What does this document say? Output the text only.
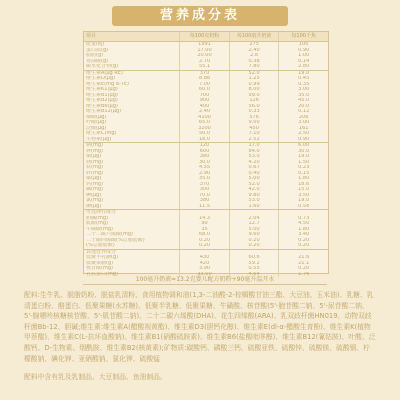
营养成分表
项目	每100克奶粉	每100毫升奶液	每100千焦
能量(kJ)	1991	275	100
蛋白质(g)	17.00	2.40	0.90
脂肪(g)	20.00	2.8	1.00
亚油酸(g)	2.70	0.38	0.14
碳水化合物(g)	55.1	7.80	2.80
维生素A(μg RE)	370	52.0	19.0
维生素D(μg)	8.88	1.25	0.45
维生素E(mg α-TE)	7.00	0.99	0.35
维生素K1(μg)	60.0	8.00	3.00
维生素B1(μg)	700	99.0	35.0
维生素B2(μg)	900	126	45.0
维生素B6(μg)	400	56.0	20.0
维生素B12(μg)	2.40	0.33	0.12
烟酸(μg)	4100	576	206
叶酸(μg)	65.0	9.00	3.00
泛酸(μg)	3200	450	161
维生素C(mg)	50.0	7.10	2.50
生物素(μg)	18.0	2.52	0.90
钠(mg)	120	17.0	6.00
钾(mg)	600	84.0	30.0
铜(μg)	380	53.0	19.0
镁(mg)	30.0	4.20	1.50
铁(mg)	4.55	0.67	0.23
锌(mg)	2.90	0.40	0.15
锰(μg)	35.0	5.00	1.80
钙(mg)	370	52.0	18.6
磷(mg)	300	42.0	15.0
碘(μg)	70.0	9.80	3.50
氯(mg)	380	53.0	19.0
硒(μg)	11.5	1.60	0.58
可选择性成分
胆碱(mg)	14.3	2.04	0.73
肌醇(mg)	90	12.7	4.50
牛磺酸(mg)	35	5.00	1.80
二十二碳六烯酸(mg)	68.0	9.60	3.40
二十碳四烯酸(%总脂肪酸)	0.20	0.20	0.20
(%总脂肪酸)	0.20	0.20	0.20
其他营养成分
低聚半乳糖(g)	430	60.6	21.6
低聚果糖(g)	420	59.2	21.1
核苷酸(mg)	3.90	0.55	0.20
乳铁蛋白(mg)	33.00	4.64	1.76
100毫升奶液=13.2克婴儿配方奶粉+90毫升温开水
配料:生牛乳、脱脂奶粉、脱盐乳清粉、食用植物调和油(1,3-二油酸-2-棕榈酸甘油三酯、大豆油、玉米油)、乳糖、乳清蛋白粉、酪蛋白、低聚果糖(水苏糖)、低聚半乳糖、低聚果糖、牛磺酸、核苷酸(5'-胞苷酸二钠、5'-尿苷酸二钠、5'-腺嘌呤核糖核苷酸、5'-肌苷酸二钠)、二十二碳六烯酸(DHA)、花生四烯酸(ARA)、乳双歧杆菌HN019、动物双歧杆菌Bb-12、胆碱;维生素:维生素A(醋酸视黄酯)、维生素D3(胆钙化醇)、维生素E(dl-α-醋酸生育酚)、维生素K(植物甲萘醌)、维生素C(L-抗坏血酸钠)、维生素B1(硝酸硫胺素)、维生素B6(盐酸吡哆醇)、维生素B12(氰钴胺)、叶酸、泛酸钙、D-生物素、烟酰胺、维生素B2(核黄素);矿物质:碳酸钙、磷酸三钙、硫酸亚铁、硫酸锌、硫酸镁、硫酸铜、柠檬酸钠、碘化钾、亚硒酸钠、氯化钾、硫酸锰
配料中含有乳及乳制品、大豆制品、鱼油制品。
